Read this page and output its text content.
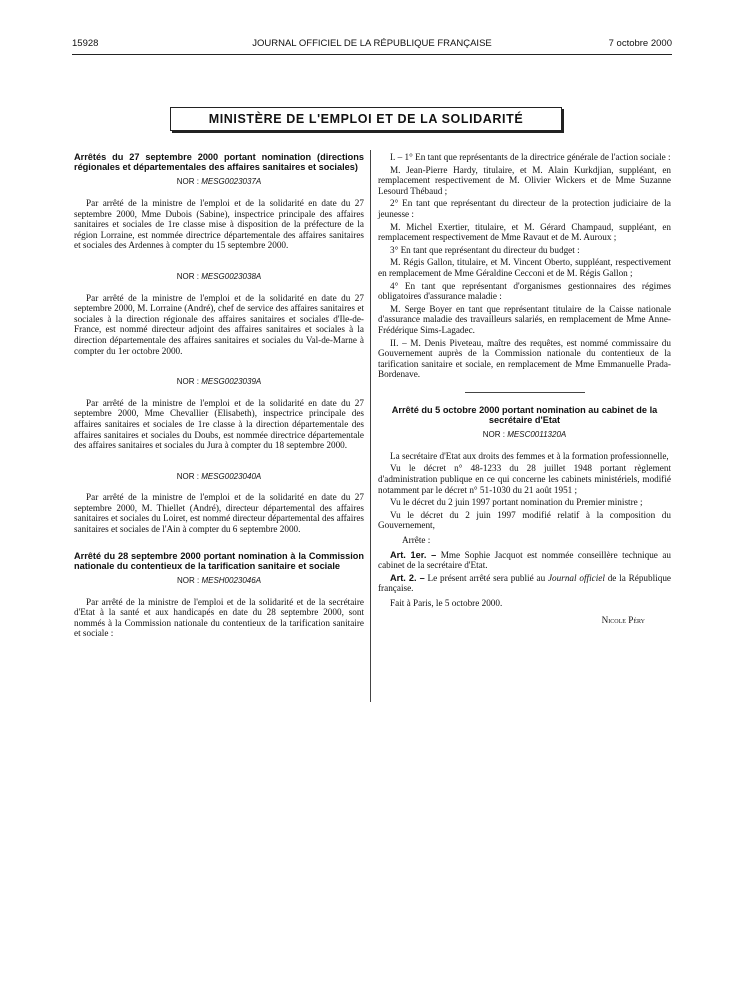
15928	JOURNAL OFFICIEL DE LA RÉPUBLIQUE FRANÇAISE	7 octobre 2000
MINISTÈRE DE L'EMPLOI ET DE LA SOLIDARITÉ
Arrêtés du 27 septembre 2000 portant nomination (directions régionales et départementales des affaires sanitaires et sociales)
NOR : MESG0023037A

Par arrêté de la ministre de l'emploi et de la solidarité en date du 27 septembre 2000, Mme Dubois (Sabine), inspectrice principale des affaires sanitaires et sociales de 1re classe mise à disposition de la préfecture de la région Lorraine, est nommée directrice départementale des affaires sanitaires et sociales des Ardennes à compter du 15 septembre 2000.

NOR : MESG0023038A

Par arrêté de la ministre de l'emploi et de la solidarité en date du 27 septembre 2000, M. Lorraine (André), chef de service des affaires sanitaires et sociales à la direction régionale des affaires sanitaires et sociales d'Ile-de-France, est nommé directeur adjoint des affaires sanitaires et sociales à la direction départementale des affaires sanitaires et sociales du Val-de-Marne à compter du 1er octobre 2000.

NOR : MESG0023039A

Par arrêté de la ministre de l'emploi et de la solidarité en date du 27 septembre 2000, Mme Chevallier (Elisabeth), inspectrice principale des affaires sanitaires et sociales de 1re classe à la direction départementale des affaires sanitaires et sociales du Doubs, est nommée directrice départementale des affaires sanitaires et sociales du Jura à compter du 18 septembre 2000.

NOR : MESG0023040A

Par arrêté de la ministre de l'emploi et de la solidarité en date du 27 septembre 2000, M. Thiellet (André), directeur départemental des affaires sanitaires et sociales du Loiret, est nommé directeur départemental des affaires sanitaires et sociales de l'Ain à compter du 6 septembre 2000.

Arrêté du 28 septembre 2000 portant nomination à la Commission nationale du contentieux de la tarification sanitaire et sociale
NOR : MESH0023046A

Par arrêté de la ministre de l'emploi et de la solidarité et de la secrétaire d'Etat à la santé et aux handicapés en date du 28 septembre 2000, sont nommés à la Commission nationale du contentieux de la tarification sanitaire et sociale :

I. – 1° En tant que représentants de la directrice générale de l'action sociale :

M. Jean-Pierre Hardy, titulaire, et M. Alain Kurkdjian, suppléant, en remplacement respectivement de M. Olivier Wickers et de Mme Suzanne Lesourd Thébaud ;

2° En tant que représentant du directeur de la protection judiciaire de la jeunesse :

M. Michel Exertier, titulaire, et M. Gérard Champaud, suppléant, en remplacement respectivement de Mme Ravaut et de M. Auroux ;

3° En tant que représentant du directeur du budget :

M. Régis Gallon, titulaire, et M. Vincent Oberto, suppléant, respectivement en remplacement de Mme Géraldine Cecconi et de M. Régis Gallon ;

4° En tant que représentant d'organismes gestionnaires des régimes obligatoires d'assurance maladie :

M. Serge Boyer en tant que représentant titulaire de la Caisse nationale d'assurance maladie des travailleurs salariés, en remplacement de Mme Anne-Frédérique Sims-Lagadec.

II. – M. Denis Piveteau, maître des requêtes, est nommé commissaire du Gouvernement auprès de la Commission nationale du contentieux de la tarification sanitaire et sociale, en remplacement de Mme Emmanuelle Prada-Bordenave.

Arrêté du 5 octobre 2000 portant nomination au cabinet de la secrétaire d'Etat
NOR : MESC0011320A

La secrétaire d'Etat aux droits des femmes et à la formation professionnelle,

Vu le décret n° 48-1233 du 28 juillet 1948 portant règlement d'administration publique en ce qui concerne les cabinets ministériels, modifié notamment par le décret n° 51-1030 du 21 août 1951 ;

Vu le décret du 2 juin 1997 portant nomination du Premier ministre ;

Vu le décret du 2 juin 1997 modifié relatif à la composition du Gouvernement,

Arrête :

Art. 1er. – Mme Sophie Jacquot est nommée conseillère technique au cabinet de la secrétaire d'Etat.

Art. 2. – Le présent arrêté sera publié au Journal officiel de la République française.

Fait à Paris, le 5 octobre 2000.

Nicole Péry
